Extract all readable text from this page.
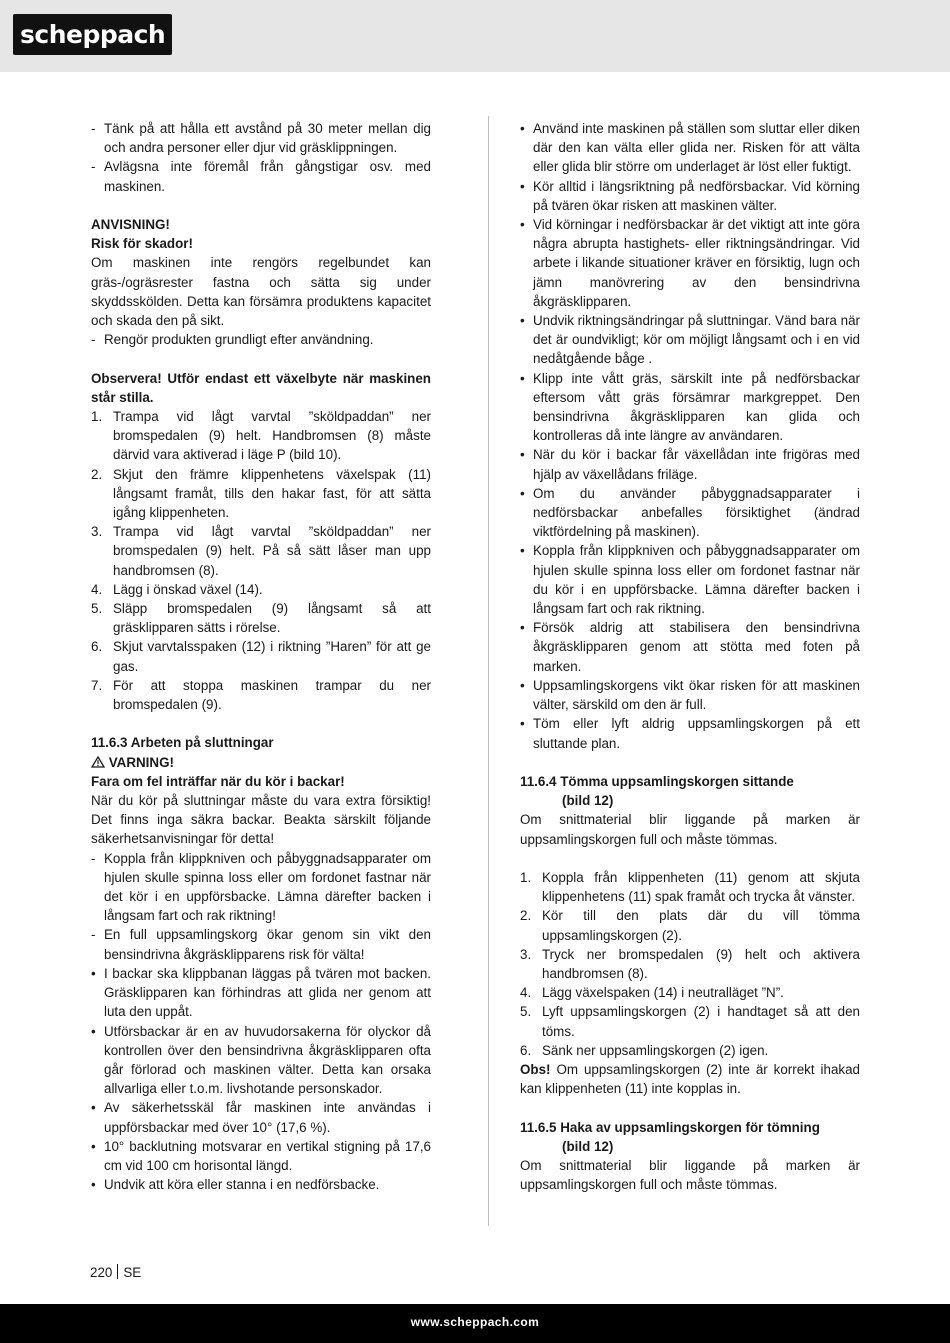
scheppach
- Tänk på att hålla ett avstånd på 30 meter mellan dig och andra personer eller djur vid gräsklippningen.
- Avlägsna inte föremål från gångstigar osv. med maskinen.

ANVISNING!

Risk för skador!

Om maskinen inte rengörs regelbundet kan gräs-/ogräsrester fastna och sätta sig under skyddsskölden. Detta kan försämra produktens kapacitet och skada den på sikt.

- Rengör produkten grundligt efter användning.

Observera! Utför endast ett växelbyte när maskinen står stilla.

1. Trampa vid lågt varvtal ”sköldpaddan” ner bromspedalen (9) helt. Handbromsen (8) måste därvid vara aktiverad i läge P (bild 10).
2. Skjut den främre klippenhetens växelspak (11) långsamt framåt, tills den hakar fast, för att sätta igång klippenheten.
3. Trampa vid lågt varvtal ”sköldpaddan” ner bromspedalen (9) helt. På så sätt låser man upp handbromsen (8).
4. Lägg i önskad växel (14).
5. Släpp bromspedalen (9) långsamt så att gräsklipparen sätts i rörelse.
6. Skjut varvtalsspaken (12) i riktning ”Haren” för att ge gas.
7. För att stoppa maskinen trampar du ner bromspedalen (9).

11.6.3 Arbeten på sluttningar

VARNING!

Fara om fel inträffar när du kör i backar!

När du kör på sluttningar måste du vara extra försiktig! Det finns inga säkra backar. Beakta särskilt följande säkerhetsanvisningar för detta!

- Koppla från klippkniven och påbyggnadsapparater om hjulen skulle spinna loss eller om fordonet fastnar när det kör i en uppförsbacke. Lämna därefter backen i långsam fart och rak riktning!
- En full uppsamlingskorg ökar genom sin vikt den bensindrivna åkgräsklipparens risk för välta!
• I backar ska klippbanan läggas på tvären mot backen. Gräsklipparen kan förhindras att glida ner genom att luta den uppåt.
• Utförsbackar är en av huvudorsakerna för olyckor då kontrollen över den bensindrivna åkgräsklipparen ofta går förlorad och maskinen välter. Detta kan orsaka allvarliga eller t.o.m. livshotande personskador.
• Av säkerhetsskäl får maskinen inte användas i uppförsbackar med över 10° (17,6 %).
• 10° backlutning motsvarar en vertikal stigning på 17,6 cm vid 100 cm horisontal längd.
• Undvik att köra eller stanna i en nedförsbacke.
• Använd inte maskinen på ställen som sluttar eller diken där den kan välta eller glida ner. Risken för att välta eller glida blir större om underlaget är löst eller fuktigt.
• Kör alltid i längsriktning på nedförsbackar. Vid körning på tvären ökar risken att maskinen välter.
• Vid körningar i nedförsbackar är det viktigt att inte göra några abrupta hastighets- eller riktningsändringar. Vid arbete i likande situationer kräver en försiktig, lugn och jämn manövrering av den bensindrivna åkgräsklipparen.
• Undvik riktningsändringar på sluttningar. Vänd bara när det är oundvikligt; kör om möjligt långsamt och i en vid nedåtgående båge .
• Klipp inte vått gräs, särskilt inte på nedförsbackar eftersom vått gräs försämrar markgreppet. Den bensindrivna åkgräsklipparen kan glida och kontrolleras då inte längre av användaren.
• När du kör i backar får växellådan inte frigöras med hjälp av växellådans friläge.
• Om du använder påbyggnadsapparater i nedförsbackar anbefalles försiktighet (ändrad viktfördelning på maskinen).
• Koppla från klippkniven och påbyggnadsapparater om hjulen skulle spinna loss eller om fordonet fastnar när du kör i en uppförsbacke. Lämna därefter backen i långsam fart och rak riktning.
• Försök aldrig att stabilisera den bensindrivna åkgräsklipparen genom att stötta med foten på marken.
• Uppsamlingskorgens vikt ökar risken för att maskinen välter, särskild om den är full.
• Töm eller lyft aldrig uppsamlingskorgen på ett sluttande plan.

11.6.4 Tömma uppsamlingskorgen sittande

(bild 12)

Om snittmaterial blir liggande på marken är uppsamlingskorgen full och måste tömmas.

1. Koppla från klippenheten (11) genom att skjuta klippenhetens (11) spak framåt och trycka åt vänster.
2. Kör till den plats där du vill tömma uppsamlingskorgen (2).
3. Tryck ner bromspedalen (9) helt och aktivera handbromsen (8).
4. Lägg växelspaken (14) i neutralläget ”N”.
5. Lyft uppsamlingskorgen (2) i handtaget så att den töms.
6. Sänk ner uppsamlingskorgen (2) igen.

Obs! Om uppsamlingskorgen (2) inte är korrekt ihakad kan klippenheten (11) inte kopplas in.

11.6.5 Haka av uppsamlingskorgen för tömning

(bild 12)

Om snittmaterial blir liggande på marken är uppsamlingskorgen full och måste tömmas.

220 SE
www.scheppach.com
